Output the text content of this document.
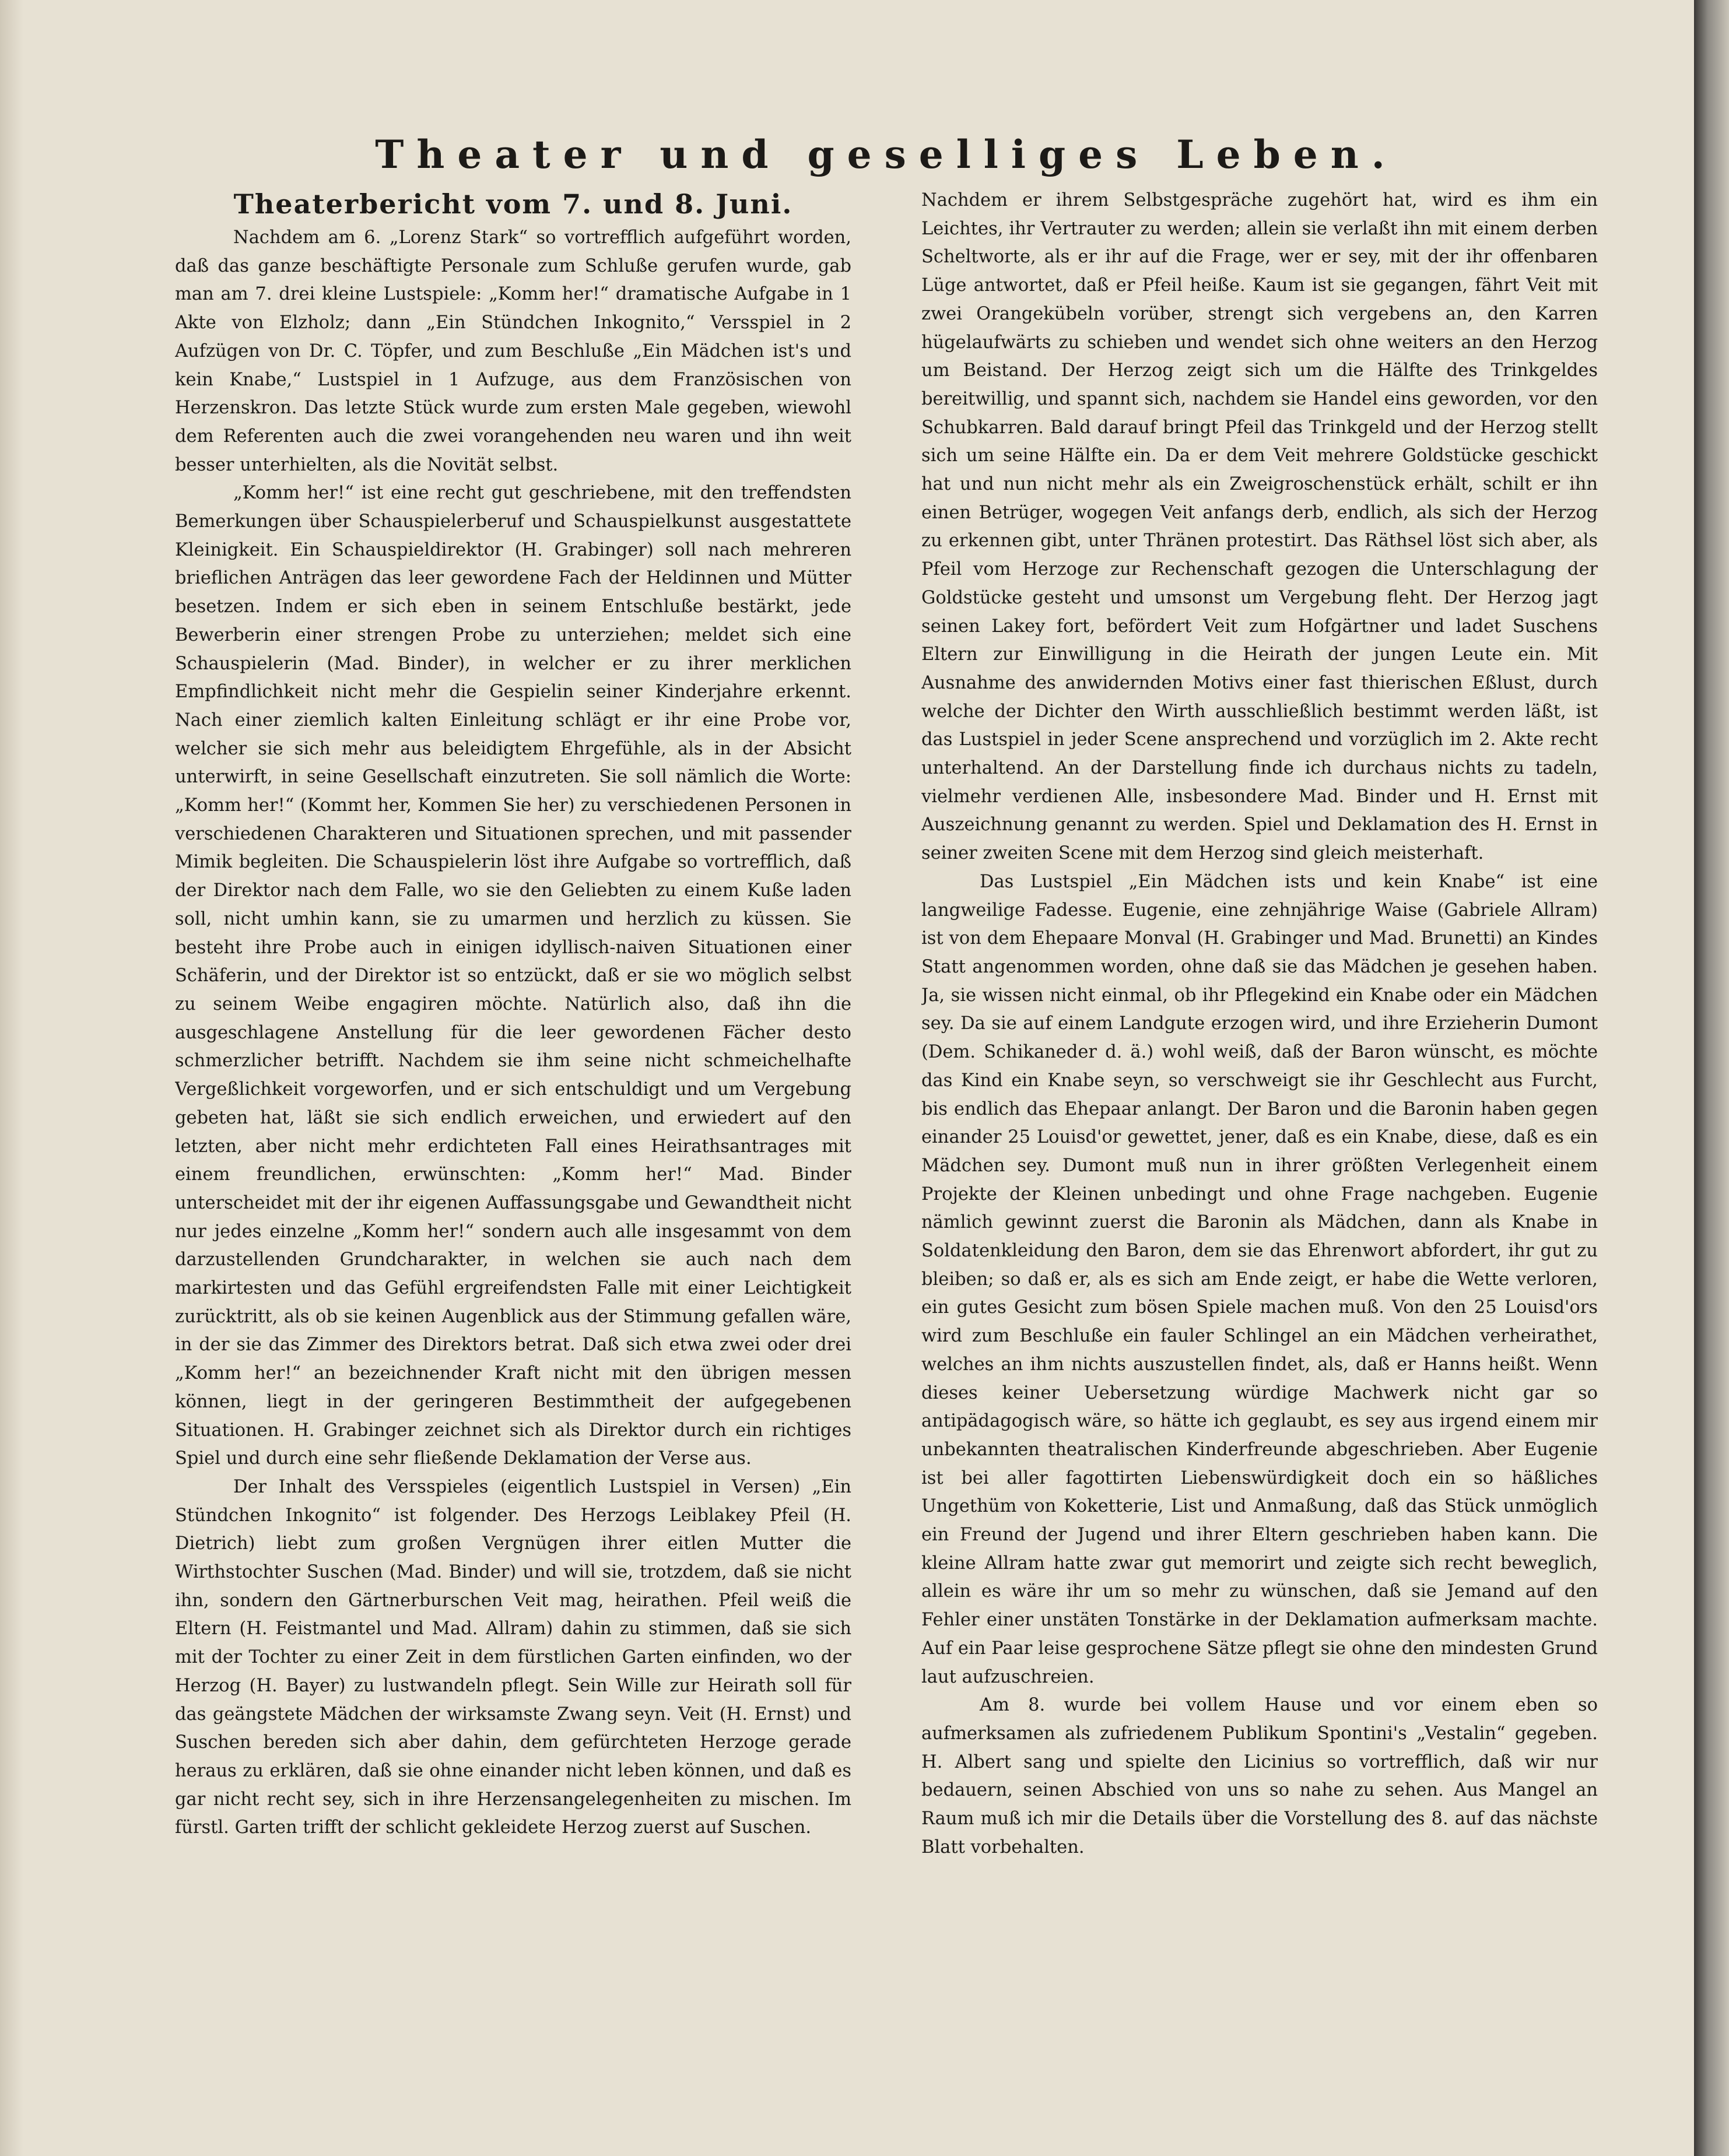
Theater und geselliges Leben.
Theaterbericht vom 7. und 8. Juni.

Nachdem am 6. „Lorenz Stark“ so vortrefflich aufgeführt worden, daß das ganze beschäftigte Personale zum Schluße gerufen wurde, gab man am 7. drei kleine Lustspiele: „Komm her!“ dramatische Aufgabe in 1 Akte von Elzholz; dann „Ein Stündchen Inkognito,“ Versspiel in 2 Aufzügen von Dr. C. Töpfer, und zum Beschluße „Ein Mädchen ist's und kein Knabe,“ Lustspiel in 1 Aufzuge, aus dem Französischen von Herzenskron. Das letzte Stück wurde zum ersten Male gegeben, wiewohl dem Referenten auch die zwei vorangehenden neu waren und ihn weit besser unterhielten, als die Novität selbst.

„Komm her!“ ist eine recht gut geschriebene, mit den treffendsten Bemerkungen über Schauspielerberuf und Schauspielkunst ausgestattete Kleinigkeit. Ein Schauspieldirektor (H. Grabinger) soll nach mehreren brieflichen Anträgen das leer gewordene Fach der Heldinnen und Mütter besetzen. Indem er sich eben in seinem Entschluße bestärkt, jede Bewerberin einer strengen Probe zu unterziehen; meldet sich eine Schauspielerin (Mad. Binder), in welcher er zu ihrer merklichen Empfindlichkeit nicht mehr die Gespielin seiner Kinderjahre erkennt. Nach einer ziemlich kalten Einleitung schlägt er ihr eine Probe vor, welcher sie sich mehr aus beleidigtem Ehrgefühle, als in der Absicht unterwirft, in seine Gesellschaft einzutreten. Sie soll nämlich die Worte: „Komm her!“ (Kommt her, Kommen Sie her) zu verschiedenen Personen in verschiedenen Charakteren und Situationen sprechen, und mit passender Mimik begleiten. Die Schauspielerin löst ihre Aufgabe so vortrefflich, daß der Direktor nach dem Falle, wo sie den Geliebten zu einem Kuße laden soll, nicht umhin kann, sie zu umarmen und herzlich zu küssen. Sie besteht ihre Probe auch in einigen idyllisch-naiven Situationen einer Schäferin, und der Direktor ist so entzückt, daß er sie wo möglich selbst zu seinem Weibe engagiren möchte. Natürlich also, daß ihn die ausgeschlagene Anstellung für die leer gewordenen Fächer desto schmerzlicher betrifft. Nachdem sie ihm seine nicht schmeichelhafte Vergeßlichkeit vorgeworfen, und er sich entschuldigt und um Vergebung gebeten hat, läßt sie sich endlich erweichen, und erwiedert auf den letzten, aber nicht mehr erdichteten Fall eines Heirathsantrages mit einem freundlichen, erwünschten: „Komm her!“ Mad. Binder unterscheidet mit der ihr eigenen Auffassungsgabe und Gewandtheit nicht nur jedes einzelne „Komm her!“ sondern auch alle insgesammt von dem darzustellenden Grundcharakter, in welchen sie auch nach dem markirtesten und das Gefühl ergreifendsten Falle mit einer Leichtigkeit zurücktritt, als ob sie keinen Augenblick aus der Stimmung gefallen wäre, in der sie das Zimmer des Direktors betrat. Daß sich etwa zwei oder drei „Komm her!“ an bezeichnender Kraft nicht mit den übrigen messen können, liegt in der geringeren Bestimmtheit der aufgegebenen Situationen. H. Grabinger zeichnet sich als Direktor durch ein richtiges Spiel und durch eine sehr fließende Deklamation der Verse aus.

Der Inhalt des Versspieles (eigentlich Lustspiel in Versen) „Ein Stündchen Inkognito“ ist folgender. Des Herzogs Leiblakey Pfeil (H. Dietrich) liebt zum großen Vergnügen ihrer eitlen Mutter die Wirthstochter Suschen (Mad. Binder) und will sie, trotzdem, daß sie nicht ihn, sondern den Gärtnerburschen Veit mag, heirathen. Pfeil weiß die Eltern (H. Feistmantel und Mad. Allram) dahin zu stimmen, daß sie sich mit der Tochter zu einer Zeit in dem fürstlichen Garten einfinden, wo der Herzog (H. Bayer) zu lustwandeln pflegt. Sein Wille zur Heirath soll für das geängstete Mädchen der wirksamste Zwang seyn. Veit (H. Ernst) und Suschen bereden sich aber dahin, dem gefürchteten Herzoge gerade heraus zu erklären, daß sie ohne einander nicht leben können, und daß es gar nicht recht sey, sich in ihre Herzensangelegenheiten zu mischen. Im fürstl. Garten trifft der schlicht gekleidete Herzog zuerst auf Suschen.

Nachdem er ihrem Selbstgespräche zugehört hat, wird es ihm ein Leichtes, ihr Vertrauter zu werden; allein sie verlaßt ihn mit einem derben Scheltworte, als er ihr auf die Frage, wer er sey, mit der ihr offenbaren Lüge antwortet, daß er Pfeil heiße. Kaum ist sie gegangen, fährt Veit mit zwei Orangekübeln vorüber, strengt sich vergebens an, den Karren hügelaufwärts zu schieben und wendet sich ohne weiters an den Herzog um Beistand. Der Herzog zeigt sich um die Hälfte des Trinkgeldes bereitwillig, und spannt sich, nachdem sie Handel eins geworden, vor den Schubkarren. Bald darauf bringt Pfeil das Trinkgeld und der Herzog stellt sich um seine Hälfte ein. Da er dem Veit mehrere Goldstücke geschickt hat und nun nicht mehr als ein Zweigroschenstück erhält, schilt er ihn einen Betrüger, wogegen Veit anfangs derb, endlich, als sich der Herzog zu erkennen gibt, unter Thränen protestirt. Das Räthsel löst sich aber, als Pfeil vom Herzoge zur Rechenschaft gezogen die Unterschlagung der Goldstücke gesteht und umsonst um Vergebung fleht. Der Herzog jagt seinen Lakey fort, befördert Veit zum Hofgärtner und ladet Suschens Eltern zur Einwilligung in die Heirath der jungen Leute ein. Mit Ausnahme des anwidernden Motivs einer fast thierischen Eßlust, durch welche der Dichter den Wirth ausschließlich bestimmt werden läßt, ist das Lustspiel in jeder Scene ansprechend und vorzüglich im 2. Akte recht unterhaltend. An der Darstellung finde ich durchaus nichts zu tadeln, vielmehr verdienen Alle, insbesondere Mad. Binder und H. Ernst mit Auszeichnung genannt zu werden. Spiel und Deklamation des H. Ernst in seiner zweiten Scene mit dem Herzog sind gleich meisterhaft.

Das Lustspiel „Ein Mädchen ists und kein Knabe“ ist eine langweilige Fadesse. Eugenie, eine zehnjährige Waise (Gabriele Allram) ist von dem Ehepaare Monval (H. Grabinger und Mad. Brunetti) an Kindes Statt angenommen worden, ohne daß sie das Mädchen je gesehen haben. Ja, sie wissen nicht einmal, ob ihr Pflegekind ein Knabe oder ein Mädchen sey. Da sie auf einem Landgute erzogen wird, und ihre Erzieherin Dumont (Dem. Schikaneder d. ä.) wohl weiß, daß der Baron wünscht, es möchte das Kind ein Knabe seyn, so verschweigt sie ihr Geschlecht aus Furcht, bis endlich das Ehepaar anlangt. Der Baron und die Baronin haben gegen einander 25 Louisd'or gewettet, jener, daß es ein Knabe, diese, daß es ein Mädchen sey. Dumont muß nun in ihrer größten Verlegenheit einem Projekte der Kleinen unbedingt und ohne Frage nachgeben. Eugenie nämlich gewinnt zuerst die Baronin als Mädchen, dann als Knabe in Soldatenkleidung den Baron, dem sie das Ehrenwort abfordert, ihr gut zu bleiben; so daß er, als es sich am Ende zeigt, er habe die Wette verloren, ein gutes Gesicht zum bösen Spiele machen muß. Von den 25 Louisd'ors wird zum Beschluße ein fauler Schlingel an ein Mädchen verheirathet, welches an ihm nichts auszustellen findet, als, daß er Hanns heißt. Wenn dieses keiner Uebersetzung würdige Machwerk nicht gar so antipädagogisch wäre, so hätte ich geglaubt, es sey aus irgend einem mir unbekannten theatralischen Kinderfreunde abgeschrieben. Aber Eugenie ist bei aller fagottirten Liebenswürdigkeit doch ein so häßliches Ungethüm von Koketterie, List und Anmaßung, daß das Stück unmöglich ein Freund der Jugend und ihrer Eltern geschrieben haben kann. Die kleine Allram hatte zwar gut memorirt und zeigte sich recht beweglich, allein es wäre ihr um so mehr zu wünschen, daß sie Jemand auf den Fehler einer unstäten Tonstärke in der Deklamation aufmerksam machte. Auf ein Paar leise gesprochene Sätze pflegt sie ohne den mindesten Grund laut aufzuschreien.

Am 8. wurde bei vollem Hause und vor einem eben so aufmerksamen als zufriedenem Publikum Spontini's „Vestalin“ gegeben. H. Albert sang und spielte den Licinius so vortrefflich, daß wir nur bedauern, seinen Abschied von uns so nahe zu sehen. Aus Mangel an Raum muß ich mir die Details über die Vorstellung des 8. auf das nächste Blatt vorbehalten.
